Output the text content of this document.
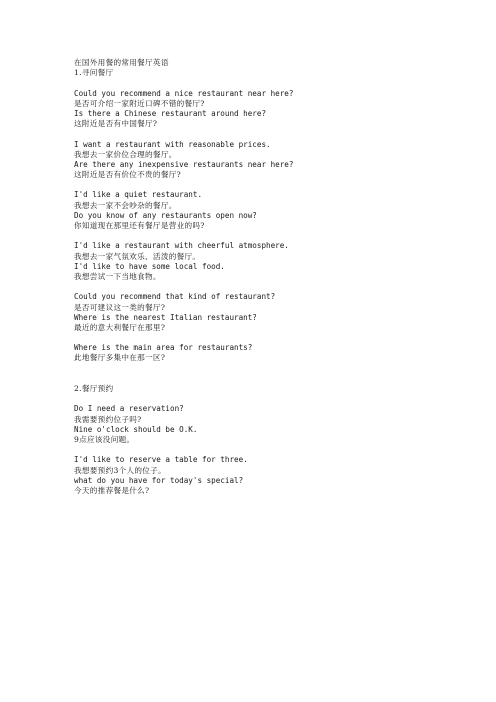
在国外用餐的常用餐厅英语
1.寻问餐厅
Could you recommend a nice restaurant near here?
是否可介绍一家附近口碑不错的餐厅?
Is there a Chinese restaurant around here?
这附近是否有中国餐厅?
I want a restaurant with reasonable prices.
我想去一家价位合理的餐厅。
Are there any inexpensive restaurants near here?
这附近是否有价位不贵的餐厅?
I'd like a quiet restaurant.
我想去一家不会吵杂的餐厅。
Do you know of any restaurants open now?
你知道现在那里还有餐厅是营业的吗?
I'd like a restaurant with cheerful atmosphere.
我想去一家气氛欢乐、活泼的餐厅。
I'd like to have some local food.
我想尝试一下当地食物。
Could you recommend that kind of restaurant?
是否可建议这一类的餐厅?
Where is the nearest Italian restaurant?
最近的意大利餐厅在那里?
Where is the main area for restaurants?
此地餐厅多集中在那一区?
2.餐厅预约
Do I need a reservation?
我需要预约位子吗?
Nine o'clock should be O.K.
9点应该没问题。
I'd like to reserve a table for three.
我想要预约3个人的位子。
what do you have for today's special?
今天的推荐餐是什么?
